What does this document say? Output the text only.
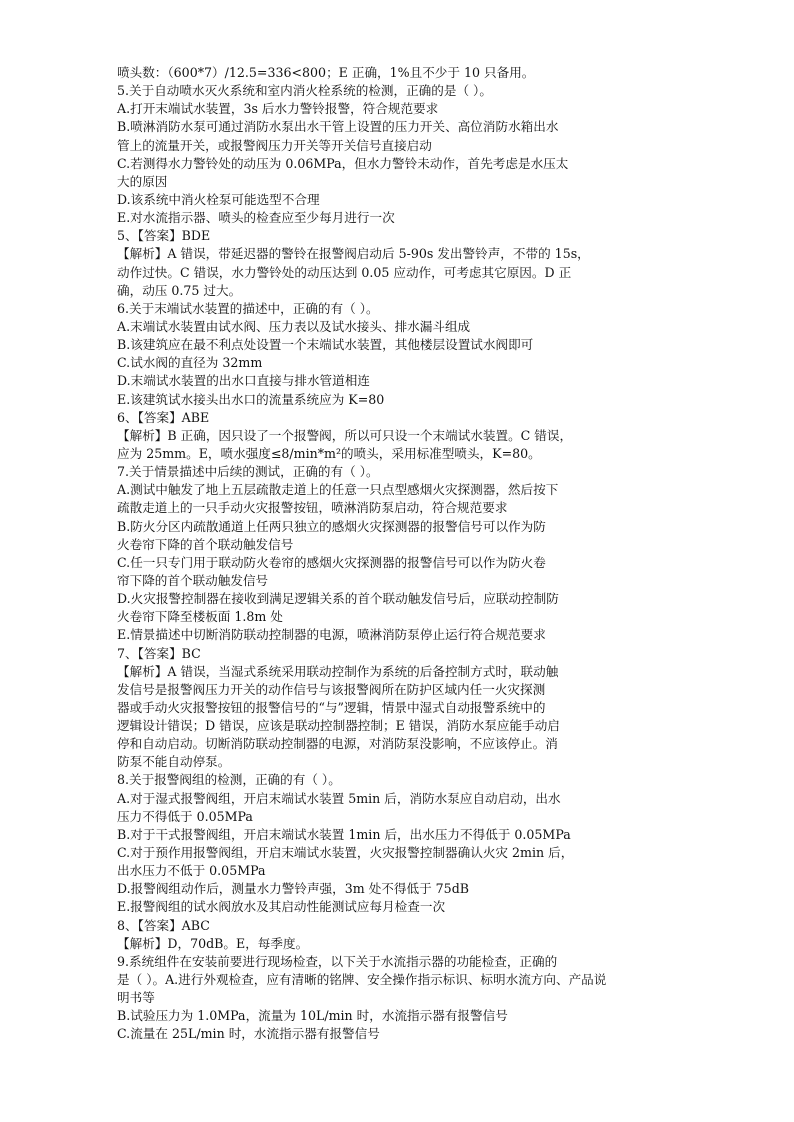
喷头数：（600*7）/12.5=336<800；E 正确，1%且不少于 10 只备用。
5.关于自动喷水灭火系统和室内消火栓系统的检测，正确的是（ ）。
A.打开末端试水装置，3s 后水力警铃报警，符合规范要求
B.喷淋消防水泵可通过消防水泵出水干管上设置的压力开关、高位消防水箱出水
管上的流量开关，或报警阀压力开关等开关信号直接启动
C.若测得水力警铃处的动压为 0.06MPa，但水力警铃未动作，首先考虑是水压太
大的原因
D.该系统中消火栓泵可能选型不合理
E.对水流指示器、喷头的检查应至少每月进行一次
5、【答案】BDE
【解析】A 错误，带延迟器的警铃在报警阀启动后 5-90s 发出警铃声，不带的 15s，
动作过快。C 错误，水力警铃处的动压达到 0.05 应动作，可考虑其它原因。D 正
确，动压 0.75 过大。
6.关于末端试水装置的描述中，正确的有（ ）。
A.末端试水装置由试水阀、压力表以及试水接头、排水漏斗组成
B.该建筑应在最不利点处设置一个末端试水装置，其他楼层设置试水阀即可
C.试水阀的直径为 32mm
D.末端试水装置的出水口直接与排水管道相连
E.该建筑试水接头出水口的流量系统应为 K=80
6、【答案】ABE
【解析】B 正确，因只设了一个报警阀，所以可只设一个末端试水装置。C 错误，
应为 25mm。E，喷水强度≤8/min*m²的喷头，采用标准型喷头，K=80。
7.关于情景描述中后续的测试，正确的有（ ）。
A.测试中触发了地上五层疏散走道上的任意一只点型感烟火灾探测器，然后按下
疏散走道上的一只手动火灾报警按钮，喷淋消防泵启动，符合规范要求
B.防火分区内疏散通道上任两只独立的感烟火灾探测器的报警信号可以作为防
火卷帘下降的首个联动触发信号
C.任一只专门用于联动防火卷帘的感烟火灾探测器的报警信号可以作为防火卷
帘下降的首个联动触发信号
D.火灾报警控制器在接收到满足逻辑关系的首个联动触发信号后，应联动控制防
火卷帘下降至楼板面 1.8m 处
E.情景描述中切断消防联动控制器的电源，喷淋消防泵停止运行符合规范要求
7、【答案】BC
【解析】A 错误，当湿式系统采用联动控制作为系统的后备控制方式时，联动触
发信号是报警阀压力开关的动作信号与该报警阀所在防护区域内任一火灾探测
器或手动火灾报警按钮的报警信号的“与”逻辑，情景中湿式自动报警系统中的
逻辑设计错误；D 错误，应该是联动控制器控制；E 错误，消防水泵应能手动启
停和自动启动。切断消防联动控制器的电源，对消防泵没影响，不应该停止。消
防泵不能自动停泵。
8.关于报警阀组的检测，正确的有（ ）。
A.对于湿式报警阀组，开启末端试水装置 5min 后，消防水泵应自动启动，出水
压力不得低于 0.05MPa
B.对于干式报警阀组，开启末端试水装置 1min 后，出水压力不得低于 0.05MPa
C.对于预作用报警阀组，开启末端试水装置，火灾报警控制器确认火灾 2min 后，
出水压力不低于 0.05MPa
D.报警阀组动作后，测量水力警铃声强，3m 处不得低于 75dB
E.报警阀组的试水阀放水及其启动性能测试应每月检查一次
8、【答案】ABC
【解析】D，70dB。E，每季度。
9.系统组件在安装前要进行现场检查，以下关于水流指示器的功能检查，正确的
是（ ）。A.进行外观检查，应有清晰的铭牌、安全操作指示标识、标明水流方向、产品说
明书等
B.试验压力为 1.0MPa，流量为 10L/min 时，水流指示器有报警信号
C.流量在 25L/min 时，水流指示器有报警信号
